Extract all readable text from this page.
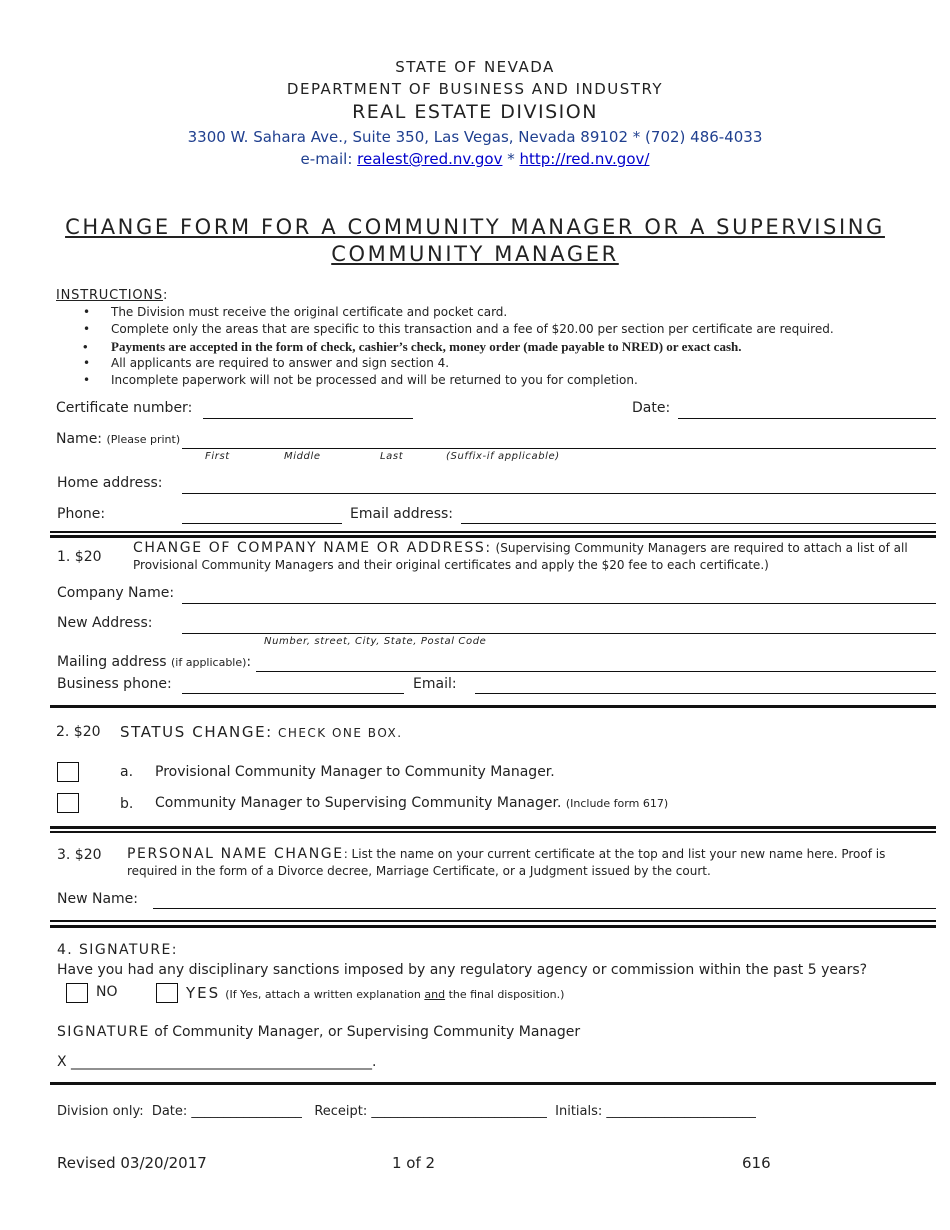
STATE OF NEVADA
DEPARTMENT OF BUSINESS AND INDUSTRY
REAL ESTATE DIVISION
3300 W. Sahara Ave., Suite 350, Las Vegas, Nevada 89102 * (702) 486-4033
e-mail: realest@red.nv.gov * http://red.nv.gov/
CHANGE FORM FOR A COMMUNITY MANAGER OR A SUPERVISING
COMMUNITY MANAGER
INSTRUCTIONS:
• The Division must receive the original certificate and pocket card.
• Complete only the areas that are specific to this transaction and a fee of $20.00 per section per certificate are required.
• Payments are accepted in the form of check, cashier’s check, money order (made payable to NRED) or exact cash.
• All applicants are required to answer and sign section 4.
• Incomplete paperwork will not be processed and will be returned to you for completion.
Certificate number:	Date:
Name: (Please print)
First	Middle	Last	(Suffix-if applicable)
Home address:
Phone:	Email address:
1. $20
CHANGE OF COMPANY NAME OR ADDRESS: (Supervising Community Managers are required to attach a list of all Provisional Community Managers and their original certificates and apply the $20 fee to each certificate.)
Company Name:
New Address:
Number, street, City, State, Postal Code
Mailing address (if applicable):
Business phone:	Email:
2. $20 STATUS CHANGE: CHECK ONE BOX.
a. Provisional Community Manager to Community Manager.
b. Community Manager to Supervising Community Manager. (Include form 617)
3. $20 PERSONAL NAME CHANGE: List the name on your current certificate at the top and list your new name here. Proof is required in the form of a Divorce decree, Marriage Certificate, or a Judgment issued by the court.
New Name:
4. SIGNATURE:
Have you had any disciplinary sanctions imposed by any regulatory agency or commission within the past 5 years?
NO	YES (If Yes, attach a written explanation and the final disposition.)
SIGNATURE of Community Manager, or Supervising Community Manager
X ___________________________________________.
Division only:  Date: _________________   Receipt: ___________________________  Initials: _______________________
Revised 03/20/2017	1 of 2	616
